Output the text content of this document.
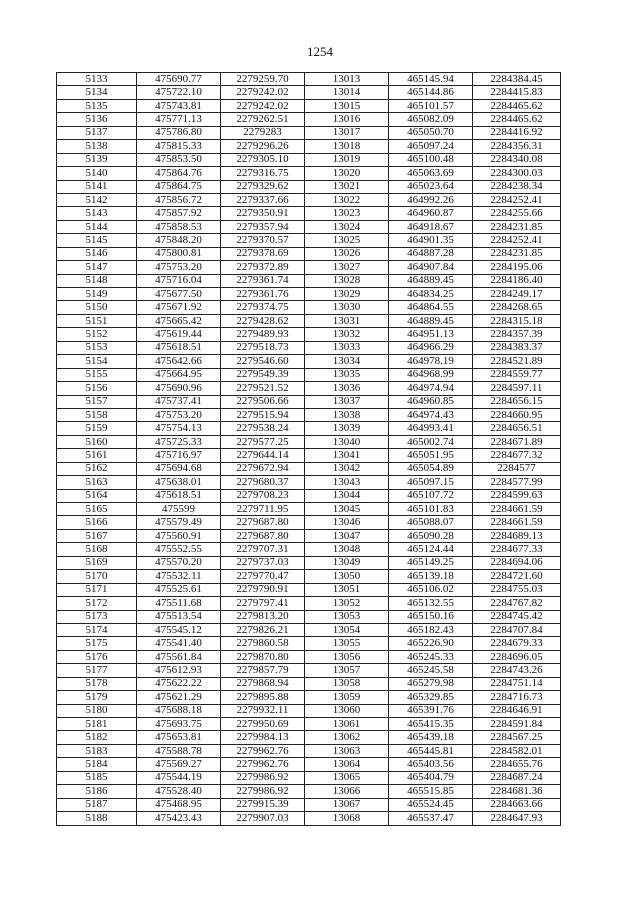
1254
5133	475690.77	2279259.70	13013	465145.94	2284384.45
5134	475722.10	2279242.02	13014	465144.86	2284415.83
5135	475743.81	2279242.02	13015	465101.57	2284465.62
5136	475771.13	2279262.51	13016	465082.09	2284465.62
5137	475786.80	2279283	13017	465050.70	2284416.92
5138	475815.33	2279296.26	13018	465097.24	2284356.31
5139	475853.50	2279305.10	13019	465100.48	2284340.08
5140	475864.76	2279316.75	13020	465063.69	2284300.03
5141	475864.75	2279329.62	13021	465023.64	2284238.34
5142	475856.72	2279337.66	13022	464992.26	2284252.41
5143	475857.92	2279350.91	13023	464960.87	2284255.66
5144	475858.53	2279357.94	13024	464918.67	2284231.85
5145	475848.20	2279370.57	13025	464901.35	2284252.41
5146	475800.81	2279378.69	13026	464887.28	2284231.85
5147	475753.20	2279372.89	13027	464907.84	2284195.06
5148	475716.04	2279361.74	13028	464889.45	2284186.40
5149	475677.50	2279361.76	13029	464834.25	2284249.17
5150	475671.92	2279374.75	13030	464864.55	2284268.65
5151	475665.42	2279428.62	13031	464889.45	2284315.18
5152	475619.44	2279489.93	13032	464951.13	2284357.39
5153	475618.51	2279518.73	13033	464966.29	2284383.37
5154	475642.66	2279546.60	13034	464978.19	2284521.89
5155	475664.95	2279549.39	13035	464968.99	2284559.77
5156	475690.96	2279521.52	13036	464974.94	2284597.11
5157	475737.41	2279506.66	13037	464960.85	2284656.15
5158	475753.20	2279515.94	13038	464974.43	2284660.95
5159	475754.13	2279538.24	13039	464993.41	2284656.51
5160	475725.33	2279577.25	13040	465002.74	2284671.89
5161	475716.97	2279644.14	13041	465051.95	2284677.32
5162	475694.68	2279672.94	13042	465054.89	2284577
5163	475638.01	2279680.37	13043	465097.15	2284577.99
5164	475618.51	2279708.23	13044	465107.72	2284599.63
5165	475599	2279711.95	13045	465101.83	2284661.59
5166	475579.49	2279687.80	13046	465088.07	2284661.59
5167	475560.91	2279687.80	13047	465090.28	2284689.13
5168	475552.55	2279707.31	13048	465124.44	2284677.33
5169	475570.20	2279737.03	13049	465149.25	2284694.06
5170	475532.11	2279770.47	13050	465139.18	2284721.60
5171	475525.61	2279790.91	13051	465106.02	2284755.03
5172	475511.68	2279797.41	13052	465132.55	2284767.82
5173	475513.54	2279813.20	13053	465150.16	2284745.42
5174	475545.12	2279826.21	13054	465182.43	2284707.84
5175	475541.40	2279860.58	13055	465226.90	2284679.33
5176	475561.84	2279870.80	13056	465245.33	2284696.05
5177	475612.93	2279857.79	13057	465245.58	2284743.26
5178	475622.22	2279868.94	13058	465279.98	2284751.14
5179	475621.29	2279895.88	13059	465329.85	2284716.73
5180	475688.18	2279932.11	13060	465391.76	2284646.91
5181	475693.75	2279950.69	13061	465415.35	2284591.84
5182	475653.81	2279984.13	13062	465439.18	2284567.25
5183	475588.78	2279962.76	13063	465445.81	2284582.01
5184	475569.27	2279962.76	13064	465403.56	2284655.76
5185	475544.19	2279986.92	13065	465404.79	2284687.24
5186	475528.40	2279986.92	13066	465515.85	2284681.36
5187	475468.95	2279915.39	13067	465524.45	2284663.66
5188	475423.43	2279907.03	13068	465537.47	2284647.93
